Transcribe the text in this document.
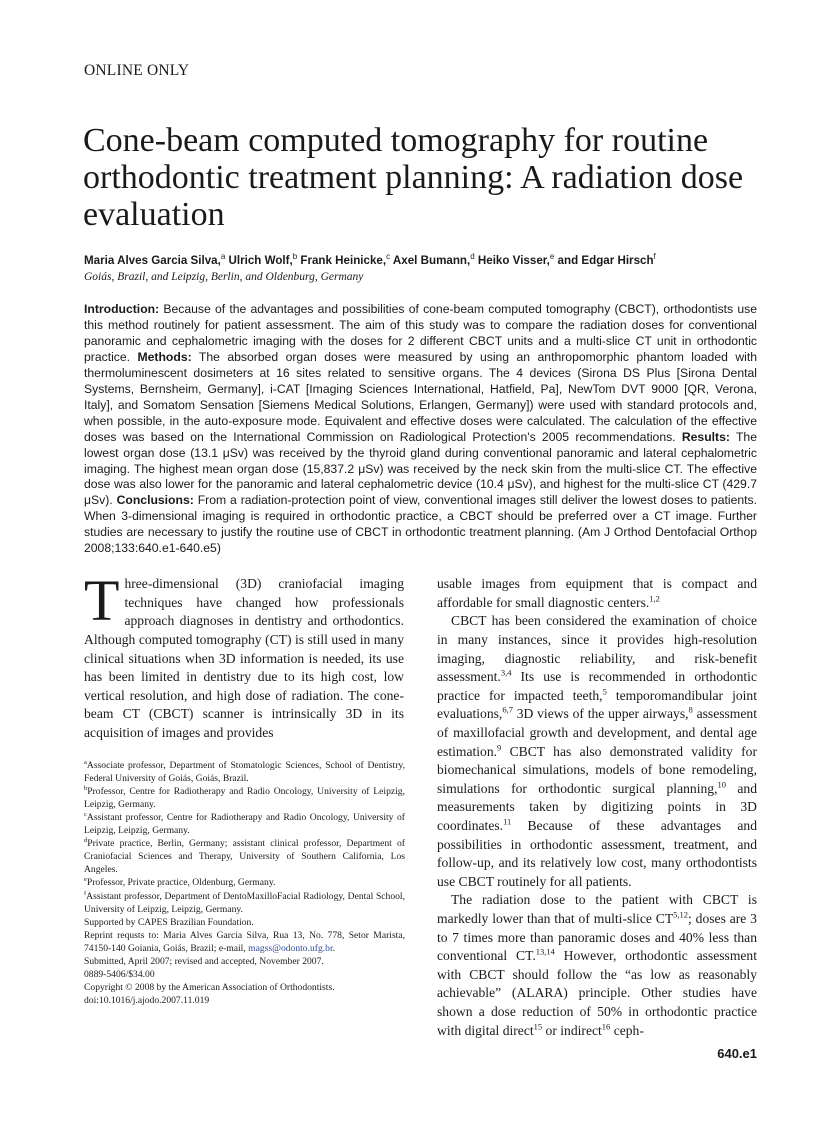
ONLINE ONLY
Cone-beam computed tomography for routine orthodontic treatment planning: A radiation dose evaluation
Maria Alves Garcia Silva,$^a$ Ulrich Wolf,$^b$ Frank Heinicke,$^c$ Axel Bumann,$^d$ Heiko Visser,$^e$ and Edgar Hirsch$^f$
Goiás, Brazil, and Leipzig, Berlin, and Oldenburg, Germany

Introduction: Because of the advantages and possibilities of cone-beam computed tomography (CBCT), orthodontists use this method routinely for patient assessment. The aim of this study was to compare the radiation doses for conventional panoramic and cephalometric imaging with the doses for 2 different CBCT units and a multi-slice CT unit in orthodontic practice. Methods: The absorbed organ doses were measured by using an anthropomorphic phantom loaded with thermoluminescent dosimeters at 16 sites related to sensitive organs. The 4 devices (Sirona DS Plus [Sirona Dental Systems, Bernsheim, Germany], i-CAT [Imaging Sciences International, Hatfield, Pa], NewTom DVT 9000 [QR, Verona, Italy], and Somatom Sensation [Siemens Medical Solutions, Erlangen, Germany]) were used with standard protocols and, when possible, in the auto-exposure mode. Equivalent and effective doses were calculated. The calculation of the effective doses was based on the International Commission on Radiological Protection's 2005 recommendations. Results: The lowest organ dose (13.1 μSv) was received by the thyroid gland during conventional panoramic and lateral cephalometric imaging. The highest mean organ dose (15,837.2 μSv) was received by the neck skin from the multi-slice CT. The effective dose was also lower for the panoramic and lateral cephalometric device (10.4 μSv), and highest for the multi-slice CT (429.7 μSv). Conclusions: From a radiation-protection point of view, conventional images still deliver the lowest doses to patients. When 3-dimensional imaging is required in orthodontic practice, a CBCT should be preferred over a CT image. Further studies are necessary to justify the routine use of CBCT in orthodontic treatment planning. (Am J Orthod Dentofacial Orthop 2008;133:640.e1-640.e5)

Three-dimensional (3D) craniofacial imaging techniques have changed how professionals approach diagnoses in dentistry and orthodontics. Although computed tomography (CT) is still used in many clinical situations when 3D information is needed, its use has been limited in dentistry due to its high cost, low vertical resolution, and high dose of radiation. The cone-beam CT (CBCT) scanner is intrinsically 3D in its acquisition of images and provides

$^a$Associate professor, Department of Stomatologic Sciences, School of Dentistry, Federal University of Goiás, Goiás, Brazil.

$^b$Professor, Centre for Radiotherapy and Radio Oncology, University of Leipzig, Leipzig, Germany.

$^c$Assistant professor, Centre for Radiotherapy and Radio Oncology, University of Leipzig, Leipzig, Germany.

$^d$Private practice, Berlin, Germany; assistant clinical professor, Department of Craniofacial Sciences and Therapy, University of Southern California, Los Angeles.

$^e$Professor, Private practice, Oldenburg, Germany.

$^f$Assistant professor, Department of DentoMaxilloFacial Radiology, Dental School, University of Leipzig, Leipzig, Germany.

Supported by CAPES Brazilian Foundation.

Reprint requsts to: Maria Alves Garcia Silva, Rua 13, No. 778, Setor Marista, 74150-140 Goiania, Goiás, Brazil; e-mail, magss@odonto.ufg.br.

Submitted, April 2007; revised and accepted, November 2007.

0889-5406/$34.00

Copyright © 2008 by the American Association of Orthodontists.

doi:10.1016/j.ajodo.2007.11.019

usable images from equipment that is compact and affordable for small diagnostic centers.$^{1,2}$

CBCT has been considered the examination of choice in many instances, since it provides high-resolution imaging, diagnostic reliability, and risk-benefit assessment.$^{3,4}$ Its use is recommended in orthodontic practice for impacted teeth,$^5$ temporomandibular joint evaluations,$^{6,7}$ 3D views of the upper airways,$^8$ assessment of maxillofacial growth and development, and dental age estimation.$^9$ CBCT has also demonstrated validity for biomechanical simulations, models of bone remodeling, simulations for orthodontic surgical planning,$^{10}$ and measurements taken by digitizing points in 3D coordinates.$^{11}$ Because of these advantages and possibilities in orthodontic assessment, treatment, and follow-up, and its relatively low cost, many orthodontists use CBCT routinely for all patients.

The radiation dose to the patient with CBCT is markedly lower than that of multi-slice CT$^{5,12}$; doses are 3 to 7 times more than panoramic doses and 40% less than conventional CT.$^{13,14}$ However, orthodontic assessment with CBCT should follow the “as low as reasonably achievable” (ALARA) principle. Other studies have shown a dose reduction of 50% in orthodontic practice with digital direct$^{15}$ or indirect$^{16}$ ceph-

640.e1
